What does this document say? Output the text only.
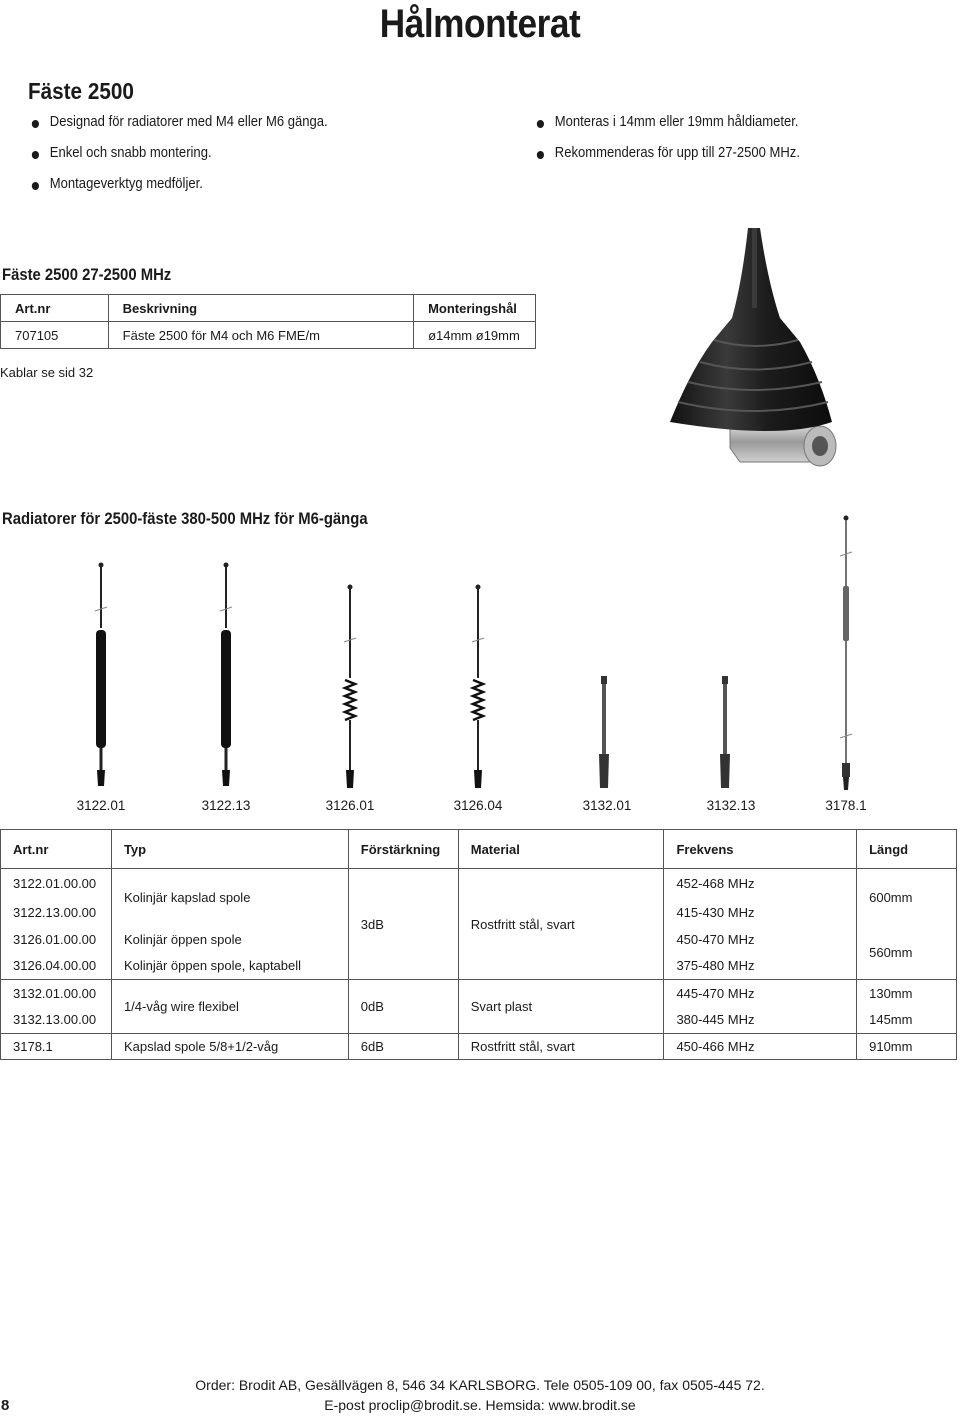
Hålmonterat
Fäste 2500
Designad för radiatorer med M4 eller M6 gänga.
Enkel och snabb montering.
Montageverktyg medföljer.
Monteras i 14mm eller 19mm håldiameter.
Rekommenderas för upp till 27-2500 MHz.
Fäste 2500 27-2500 MHz
Art.nr	Beskrivning	Monteringshål
707105	Fäste 2500 för M4 och M6 FME/m	ø14mm ø19mm
Kablar se sid 32
Radiatorer för 2500-fäste 380-500 MHz för M6-gänga
3122.01	3122.13	3126.01	3126.04	3132.01	3132.13	3178.1
Art.nr	Typ	Förstärkning	Material	Frekvens	Längd
3122.01.00.00	Kolinjär kapslad spole	3dB	Rostfritt stål, svart	452-468 MHz	600mm
3122.13.00.00				415-430 MHz	
3126.01.00.00	Kolinjär öppen spole			450-470 MHz	560mm
3126.04.00.00	Kolinjär öppen spole, kaptabell			375-480 MHz	
3132.01.00.00	1/4-våg wire flexibel	0dB	Svart plast	445-470 MHz	130mm
3132.13.00.00				380-445 MHz	145mm
3178.1	Kapslad spole 5/8+1/2-våg	6dB	Rostfritt stål, svart	450-466 MHz	910mm
Order: Brodit AB, Gesällvägen 8, 546 34 KARLSBORG. Tele 0505-109 00, fax 0505-445 72.
E-post proclip@brodit.se. Hemsida: www.brodit.se
8
